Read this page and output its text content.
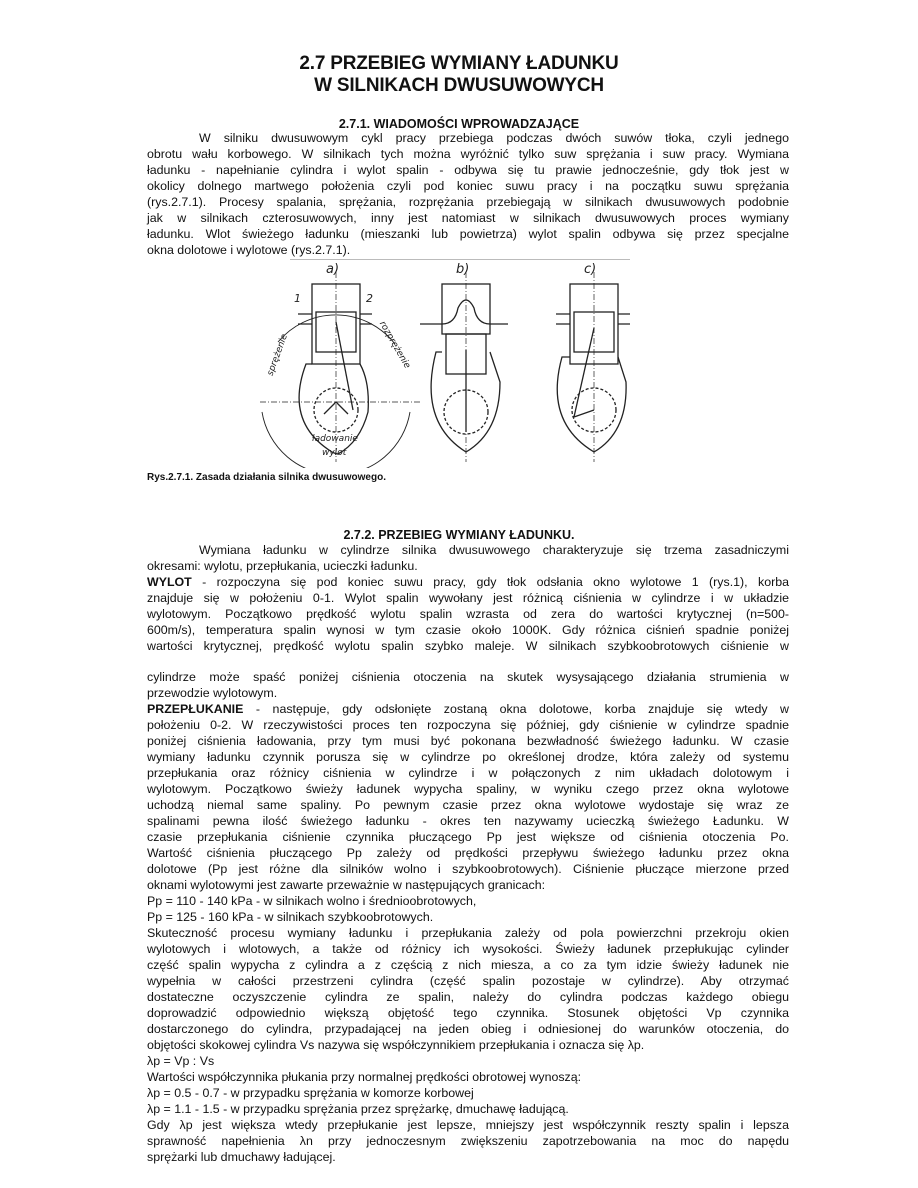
2.7 PRZEBIEG WYMIANY ŁADUNKU
W SILNIKACH DWUSUWOWYCH
2.7.1. WIADOMOŚCI WPROWADZAJĄCE
W silniku dwusuwowym cykl pracy przebiega podczas dwóch suwów tłoka, czyli jednego
obrotu wału korbowego. W silnikach tych można wyróżnić tylko suw sprężania i suw pracy. Wymiana
ładunku - napełnianie cylindra i wylot spalin - odbywa się tu prawie jednocześnie, gdy tłok jest w
okolicy dolnego martwego położenia czyli pod koniec suwu pracy i na początku suwu sprężania
(rys.2.7.1). Procesy spalania, sprężania, rozprężania przebiegają w silnikach dwusuwowych podobnie
jak w silnikach czterosuwowych, inny jest natomiast w silnikach dwusuwowych proces wymiany
ładunku. Wlot świeżego ładunku (mieszanki lub powietrza) wylot spalin odbywa się przez specjalne
okna dolotowe i wylotowe (rys.2.7.1).
a)	b)	c)
1	2
sprężenie	rozprężenie
ładowanie
wylot
Rys.2.7.1. Zasada działania silnika dwusuwowego.
2.7.2. PRZEBIEG WYMIANY ŁADUNKU.
Wymiana ładunku w cylindrze silnika dwusuwowego charakteryzuje się trzema zasadniczymi
okresami: wylotu, przepłukania, ucieczki ładunku.
WYLOT - rozpoczyna się pod koniec suwu pracy, gdy tłok odsłania okno wylotowe 1 (rys.1), korba
znajduje się w położeniu 0-1. Wylot spalin wywołany jest różnicą ciśnienia w cylindrze i w układzie
wylotowym. Początkowo prędkość wylotu spalin wzrasta od zera do wartości krytycznej (n=500-
600m/s), temperatura spalin wynosi w tym czasie około 1000K. Gdy różnica ciśnień spadnie poniżej
wartości krytycznej, prędkość wylotu spalin szybko maleje. W silnikach szybkoobrotowych ciśnienie w
cylindrze może spaść poniżej ciśnienia otoczenia na skutek wysysającego działania strumienia w
przewodzie wylotowym.
PRZEPŁUKANIE - następuje, gdy odsłonięte zostaną okna dolotowe, korba znajduje się wtedy w
położeniu 0-2. W rzeczywistości proces ten rozpoczyna się później, gdy ciśnienie w cylindrze spadnie
poniżej ciśnienia ładowania, przy tym musi być pokonana bezwładność świeżego ładunku. W czasie
wymiany ładunku czynnik porusza się w cylindrze po określonej drodze, która zależy od systemu
przepłukania oraz różnicy ciśnienia w cylindrze i w połączonych z nim układach dolotowym i
wylotowym. Początkowo świeży ładunek wypycha spaliny, w wyniku czego przez okna wylotowe
uchodzą niemal same spaliny. Po pewnym czasie przez okna wylotowe wydostaje się wraz ze
spalinami pewna ilość świeżego ładunku - okres ten nazywamy ucieczką świeżego Ładunku. W
czasie przepłukania ciśnienie czynnika płuczącego Pp jest większe od ciśnienia otoczenia Po.
Wartość ciśnienia płuczącego Pp zależy od prędkości przepływu świeżego ładunku przez okna
dolotowe (Pp jest różne dla silników wolno i szybkoobrotowych). Ciśnienie płuczące mierzone przed
oknami wylotowymi jest zawarte przeważnie w następujących granicach:
Pp = 110 - 140 kPa - w silnikach wolno i średnioobrotowych,
Pp = 125 - 160 kPa - w silnikach szybkoobrotowych.
Skuteczność procesu wymiany ładunku i przepłukania zależy od pola powierzchni przekroju okien
wylotowych i wlotowych, a także od różnicy ich wysokości. Świeży ładunek przepłukując cylinder
część spalin wypycha z cylindra a z częścią z nich miesza, a co za tym idzie świeży ładunek nie
wypełnia w całości przestrzeni cylindra (część spalin pozostaje w cylindrze). Aby otrzymać
dostateczne oczyszczenie cylindra ze spalin, należy do cylindra podczas każdego obiegu
doprowadzić odpowiednio większą objętość tego czynnika. Stosunek objętości Vp czynnika
dostarczonego do cylindra, przypadającej na jeden obieg i odniesionej do warunków otoczenia, do
objętości skokowej cylindra Vs nazywa się współczynnikiem przepłukania i oznacza się λp.
λp = Vp : Vs
Wartości współczynnika płukania przy normalnej prędkości obrotowej wynoszą:
λp = 0.5 - 0.7 - w przypadku sprężania w komorze korbowej
λp = 1.1 - 1.5 - w przypadku sprężania przez sprężarkę, dmuchawę ładującą.
Gdy λp jest większa wtedy przepłukanie jest lepsze, mniejszy jest współczynnik reszty spalin i lepsza
sprawność napełnienia λn przy jednoczesnym zwiększeniu zapotrzebowania na moc do napędu
sprężarki lub dmuchawy ładującej.
